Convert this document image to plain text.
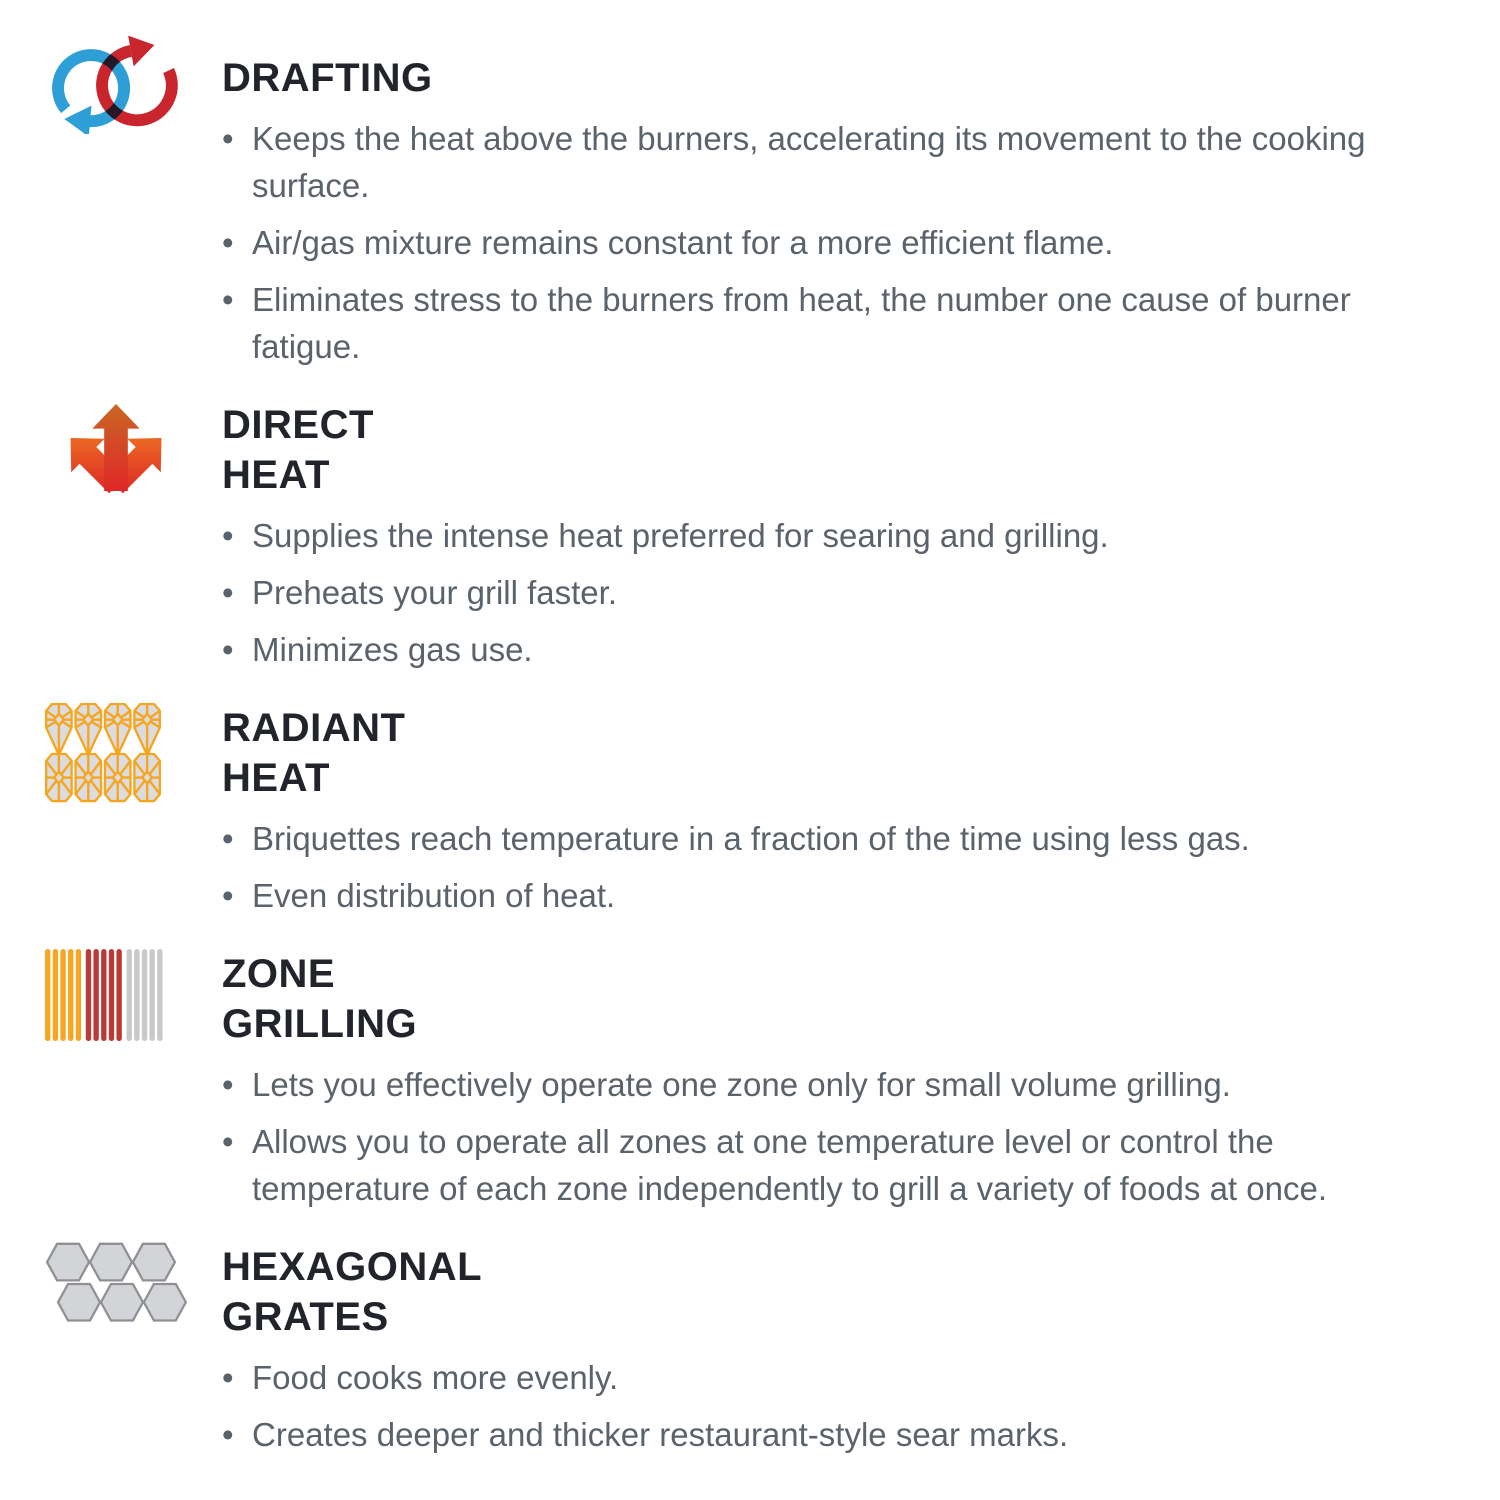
DRAFTING
• Keeps the heat above the burners, accelerating its movement to the cooking surface.
• Air/gas mixture remains constant for a more efficient flame.
• Eliminates stress to the burners from heat, the number one cause of burner fatigue.
DIRECT
HEAT
• Supplies the intense heat preferred for searing and grilling.
• Preheats your grill faster.
• Minimizes gas use.
RADIANT
HEAT
• Briquettes reach temperature in a fraction of the time using less gas.
• Even distribution of heat.
ZONE
GRILLING
• Lets you effectively operate one zone only for small volume grilling.
• Allows you to operate all zones at one temperature level or control the temperature of each zone independently to grill a variety of foods at once.
HEXAGONAL
GRATES
• Food cooks more evenly.
• Creates deeper and thicker restaurant-style sear marks.
